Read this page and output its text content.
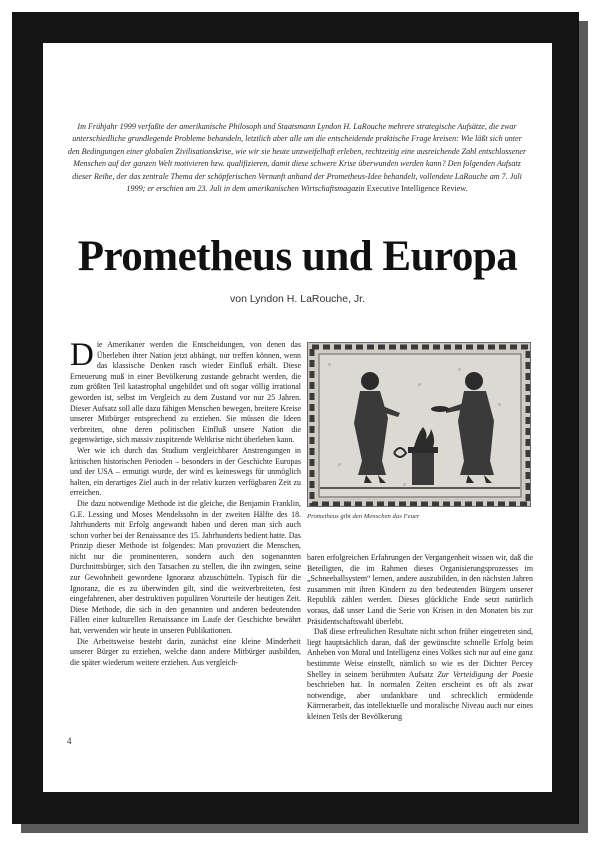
Im Frühjahr 1999 verfaßte der amerikanische Philosoph und Staatsmann Lyndon H. LaRouche mehrere strategische Aufsätze, die zwar unterschiedliche grundlegende Probleme behandeln, letztlich aber alle um die entscheidende praktische Frage kreisen: Wie läßt sich unter den Bedingungen einer globalen Zivilisationskrise, wie wir sie heute unzweifelhaft erleben, rechtzeitig eine ausreichende Zahl entschlossener Menschen auf der ganzen Welt motivieren bzw. qualifizieren, damit diese schwere Krise überwunden werden kann? Den folgenden Aufsatz dieser Reihe, der das zentrale Thema der schöpferischen Vernunft anhand der Prometheus-Idee behandelt, vollendete LaRouche am 7. Juli 1999; er erschien am 23. Juli in dem amerikanischen Wirtschaftsmagazin Executive Intelligence Review.
Prometheus und Europa
von Lyndon H. LaRouche, Jr.

Die Amerikaner werden die Entscheidungen, von denen das Überleben ihrer Nation jetzt abhängt, nur treffen können, wenn das klassische Denken rasch wieder Einfluß erhält. Diese Erneuerung muß in einer Bevölkerung zustande gebracht werden, die zum größten Teil katastrophal ungebildet und oft sogar völlig irrational geworden ist, selbst im Vergleich zu dem Zustand vor nur 25 Jahren. Dieser Aufsatz soll alle dazu fähigen Menschen bewegen, breitere Kreise unserer Mitbürger entsprechend zu erziehen. Sie müssen die Ideen verbreiten, ohne deren politischen Einfluß unsere Nation die gegenwärtige, sich massiv zuspitzende Weltkrise nicht überleben kann.

Wer wie ich durch das Studium vergleichbarer Anstrengungen in kritischen historischen Perioden – besonders in der Geschichte Europas und der USA – ermutigt wurde, der wird es keineswegs für unmöglich halten, ein derartiges Ziel auch in der relativ kurzen verfügbaren Zeit zu erreichen.

Die dazu notwendige Methode ist die gleiche, die Benjamin Franklin, G.E. Lessing und Moses Mendelssohn in der zweiten Hälfte des 18. Jahrhunderts mit Erfolg angewandt haben und deren man sich auch schon vorher bei der Renaissance des 15. Jahrhunderts bedient hatte. Das Prinzip dieser Methode ist folgendes: Man provoziert die Menschen, nicht nur die prominenteren, sondern auch den sogenannten Durchnittsbürger, sich den Tatsachen zu stellen, die ihn zwingen, seine zur Gewohnheit gewordene Ignoranz abzuschütteln. Typisch für die Ignoranz, die es zu überwinden gilt, sind die weitverbreiteten, fest eingefahrenen, aber destruktiven populären Vorurteile der heutigen Zeit. Diese Methode, die sich in den genannten und anderen bedeutenden Fällen einer kulturellen Renaissance im Laufe der Geschichte bewährt hat, verwenden wir heute in unseren Publikationen.

Die Arbeitsweise besteht darin, zunächst eine kleine Minderheit unserer Bürger zu erziehen, welche dann andere Mitbürger ausbilden, die später wiederum weitere erziehen. Aus vergleich-

Prometheus gibt den Menschen das Feuer

baren erfolgreichen Erfahrungen der Vergangenheit wissen wir, daß die Beteiligten, die im Rahmen dieses Organisierungsprozesses im „Schneeballsystem“ lernen, andere auszubilden, in den nächsten Jahren zusammen mit ihren Kindern zu den bedeutenden Bürgern unserer Republik zählen werden. Dieses glückliche Ende setzt natürlich voraus, daß unser Land die Serie von Krisen in den Monaten bis zur Präsidentschaftswahl überlebt.

Daß diese erfreulichen Resultate nicht schon früher eingetreten sind, liegt hauptsächlich daran, daß der gewünschte schnelle Erfolg beim Anheben von Moral und Intelligenz eines Volkes sich nur auf eine ganz bestimmte Weise einstellt, nämlich so wie es der Dichter Percey Shelley in seinem berühmten Aufsatz Zur Verteidigung der Poesie beschrieben hat. In normalen Zeiten erscheint es oft als zwar notwendige, aber undankbare und schrecklich ermüdende Kärrnerarbeit, das intellektuelle und moralische Niveau auch nur eines kleinen Teils der Bevölkerung

4
